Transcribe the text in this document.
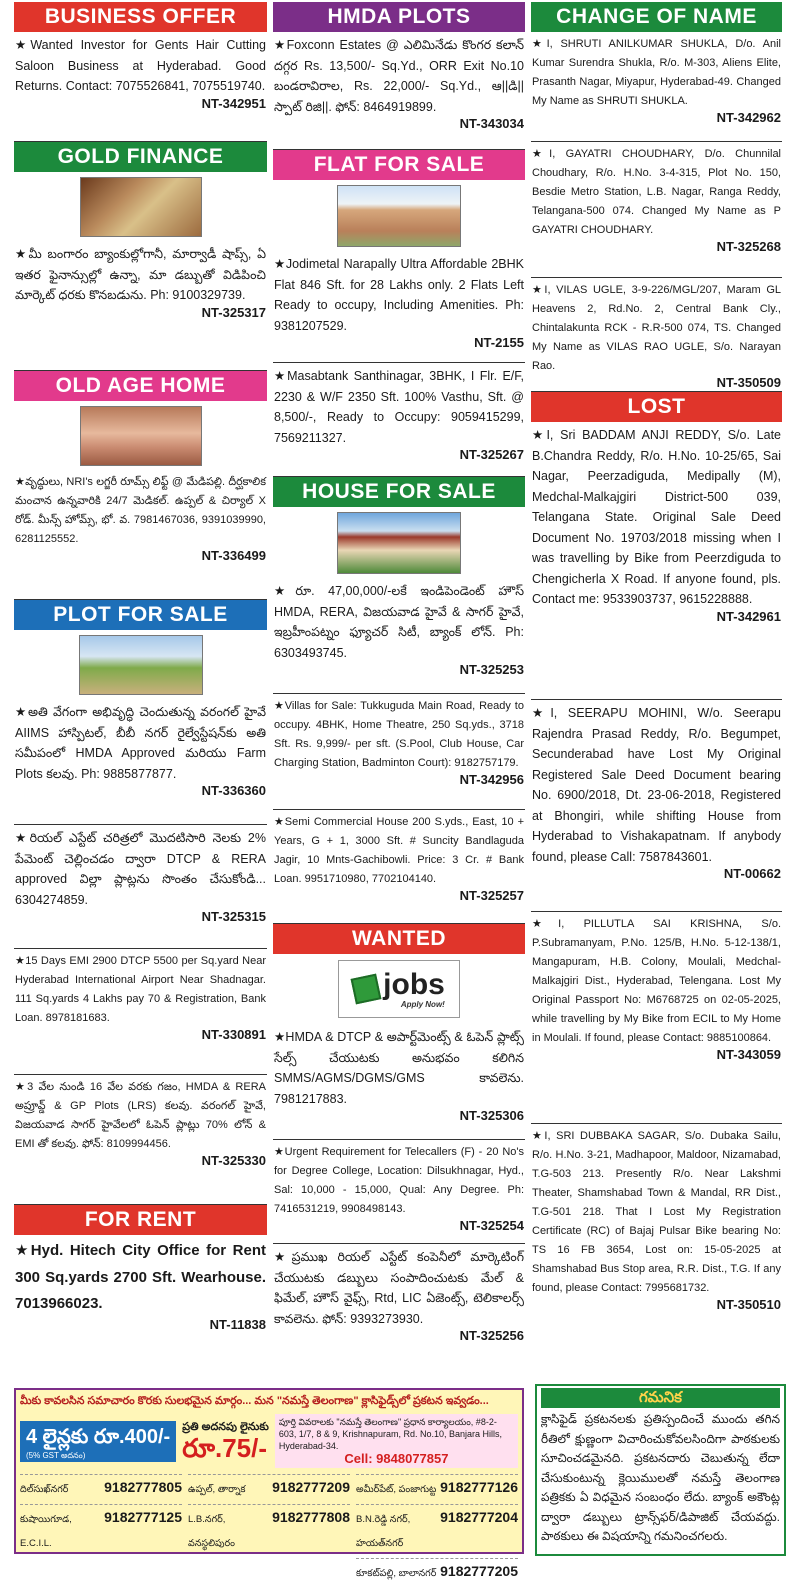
BUSINESS OFFER
★Wanted Investor for Gents Hair Cutting Saloon Business at Hyderabad. Good Returns. Contact: 7075526841, 7075519740.
NT-342951
GOLD FINANCE
★మీ బంగారం బ్యాంకుల్లోగానీ, మార్వాడీ షాప్స్, ఏ ఇతర ఫైనాన్సుల్లో ఉన్నా, మా డబ్బుతో విడిపించి మార్కెట్ ధరకు కొనబడును. Ph: 9100329739.
NT-325317
OLD AGE HOME
★వృద్ధులు, NRI's లగ్జరీ రూమ్స్ లిఫ్ట్ @ మేడిపల్లి. దీర్ఘకాలిక మంచాన ఉన్నవారికి 24/7 మెడికల్. ఉప్పల్ & చిర్యాల్ X రోడ్. మీన్స్ హోమ్స్, భో. వ. 7981467036, 9391039990, 6281125552.
NT-336499
PLOT FOR SALE
★అతి వేగంగా అభివృద్ధి చెందుతున్న వరంగల్ హైవే AIIMS హాస్పిటల్, బీబీ నగర్ రైల్వేస్టేషన్‌కు అతి సమీపంలో HMDA Approved మరియు Farm Plots కలవు. Ph: 9885877877.
NT-336360
★రియల్ ఎస్టేట్ చరిత్రలో మొదటిసారి నెలకు 2% పేమెంట్ చెల్లించడం ద్వారా DTCP & RERA approved విల్లా ప్లాట్లను సొంతం చేసుకోండి... 6304274859.
NT-325315
★15 Days EMI 2900 DTCP 5500 per Sq.yard Near Hyderabad International Airport Near Shadnagar. 111 Sq.yards 4 Lakhs pay 70 & Registration, Bank Loan. 8978181683.
NT-330891
★3 వేల నుండి 16 వేల వరకు గజం, HMDA & RERA అప్రూవ్డ్ & GP Plots (LRS) కలవు. వరంగల్ హైవే, విజయవాడ సాగర్ హైవేలలో ఓపెన్ ప్లాట్లు 70% లోన్ & EMI తో కలవు. ఫోన్: 8109994456.
NT-325330
FOR RENT
★Hyd. Hitech City Office for Rent 300 Sq.yards 2700 Sft. Wearhouse. 7013966023.
NT-11838
HMDA PLOTS
★Foxconn Estates @ ఎలిమినేడు కొంగర కలాన్ దగ్గర Rs. 13,500/- Sq.Yd., ORR Exit No.10 బండరావిరాల, Rs. 22,000/- Sq.Yd., ఆ||డి|| స్పాట్ రిజి||. ఫోన్: 8464919899.
NT-343034
FLAT FOR SALE
★Jodimetal Narapally Ultra Affordable 2BHK Flat 846 Sft. for 28 Lakhs only. 2 Flats Left Ready to occupy, Including Amenities. Ph: 9381207529.
NT-2155
★Masabtank Santhinagar, 3BHK, I Flr. E/F, 2230 & W/F 2350 Sft. 100% Vasthu, Sft. @ 8,500/-, Ready to Occupy: 9059415299, 7569211327.
NT-325267
HOUSE FOR SALE
★రూ. 47,00,000/-లకే ఇండిపెండెంట్ హౌస్ HMDA, RERA, విజయవాడ హైవే & సాగర్ హైవే, ఇబ్రహీంపట్నం ఫ్యూచర్ సిటీ, బ్యాంక్ లోన్. Ph: 6303493745.
NT-325253
★Villas for Sale: Tukkuguda Main Road, Ready to occupy. 4BHK, Home Theatre, 250 Sq.yds., 3718 Sft. Rs. 9,999/- per sft. (S.Pool, Club House, Car Charging Station, Badminton Court): 9182757179.
NT-342956
★Semi Commercial House 200 S.yds., East, 10 + Years, G + 1, 3000 Sft. # Suncity Bandlaguda Jagir, 10 Mnts-Gachibowli. Price: 3 Cr. # Bank Loan. 9951710980, 7702104140.
NT-325257
WANTED
jobs
Apply Now!
★HMDA & DTCP & అపార్ట్‌మెంట్స్ & ఓపెన్ ప్లాట్స్ సేల్స్ చేయుటకు అనుభవం కలిగిన SMMS/AGMS/DGMS/GMS కావలెను. 7981217883.
NT-325306
★Urgent Requirement for Telecallers (F) - 20 No's for Degree College, Location: Dilsukhnagar, Hyd., Sal: 10,000 - 15,000, Qual: Any Degree. Ph: 7416531219, 9908498143.
NT-325254
★ప్రముఖ రియల్ ఎస్టేట్ కంపెనీలో మార్కెటింగ్ చేయుటకు డబ్బులు సంపాదించుటకు మేల్ & ఫిమేల్, హౌస్ వైఫ్స్, Rtd, LIC ఏజెంట్స్, టెలికాలర్స్ కావలెను. ఫోన్: 9393273930.
NT-325256
CHANGE OF NAME
★I, SHRUTI ANILKUMAR SHUKLA, D/o. Anil Kumar Surendra Shukla, R/o. M-303, Aliens Elite, Prasanth Nagar, Miyapur, Hyderabad-49. Changed My Name as SHRUTI SHUKLA.
NT-342962
★I, GAYATRI CHOUDHARY, D/o. Chunnilal Choudhary, R/o. H.No. 3-4-315, Plot No. 150, Besdie Metro Station, L.B. Nagar, Ranga Reddy, Telangana-500 074. Changed My Name as P GAYATRI CHOUDHARY.
NT-325268
★I, VILAS UGLE, 3-9-226/MGL/207, Maram GL Heavens 2, Rd.No. 2, Central Bank Cly., Chintalakunta RCK - R.R-500 074, TS. Changed My Name as VILAS RAO UGLE, S/o. Narayan Rao.
NT-350509
LOST
★I, Sri BADDAM ANJI REDDY, S/o. Late B.Chandra Reddy, R/o. H.No. 10-25/65, Sai Nagar, Peerzadiguda, Medipally (M), Medchal-Malkajgiri District-500 039, Telangana State. Original Sale Deed Document No. 19703/2018 missing when I was travelling by Bike from Peerzdiguda to Chengicherla X Road. If anyone found, pls. Contact me: 9533903737, 9615228888.
NT-342961
★I, SEERAPU MOHINI, W/o. Seerapu Rajendra Prasad Reddy, R/o. Begumpet, Secunderabad have Lost My Original Registered Sale Deed Document bearing No. 6900/2018, Dt. 23-06-2018, Registered at Bhongiri, while shifting House from Hyderabad to Vishakapatnam. If anybody found, please Call: 7587843601.
NT-00662
★I, PILLUTLA SAI KRISHNA, S/o. P.Subramanyam, P.No. 125/B, H.No. 5-12-138/1, Mangapuram, H.B. Colony, Moulali, Medchal-Malkajgiri Dist., Hyderabad, Telengana. Lost My Original Passport No: M6768725 on 02-05-2025, while travelling by My Bike from ECIL to My Home in Moulali. If found, please Contact: 9885100864.
NT-343059
★I, SRI DUBBAKA SAGAR, S/o. Dubaka Sailu, R/o. H.No. 3-21, Madhapoor, Maldoor, Nizamabad, T.G-503 213. Presently R/o. Near Lakshmi Theater, Shamshabad Town & Mandal, RR Dist., T.G-501 218. That I Lost My Registration Certificate (RC) of Bajaj Pulsar Bike bearing No: TS 16 FB 3654, Lost on: 15-05-2025 at Shamshabad Bus Stop area, R.R. Dist., T.G. If any found, please Contact: 7995681732.
NT-350510
గమనిక
క్లాసిఫైడ్ ప్రకటనలకు ప్రతిస్పందించే ముందు తగిన రీతిలో క్షుణ్ణంగా విచారించుకోవలసిందిగా పాఠకులకు సూచించడమైనది. ప్రకటనదారు చెబుతున్న లేదా చేసుకుంటున్న క్లెయిములతో నమస్తే తెలంగాణ పత్రికకు ఏ విధమైన సంబంధం లేదు. బ్యాంక్ అకౌంట్ల ద్వారా డబ్బులు ట్రాన్స్‌ఫర్/డిపాజిట్ చేయవద్దు. పాఠకులు ఈ విషయాన్ని గమనించగలరు.
మీకు కావలసిన సమాచారం కొరకు సులభమైన మార్గం... మన "నమస్తే తెలంగాణ" క్లాసిఫైడ్స్‌లో ప్రకటన ఇవ్వడం...
4 లైన్లకు రూ.400/-
(5% GST అదనం)
ప్రతి అదనపు లైనుకు
రూ.75/-
పూర్తి వివరాలకు "నమస్తే తెలంగాణ" ప్రధాన కార్యాలయం, #8-2-603, 1/7, 8 & 9, Krishnapuram, Rd. No.10, Banjara Hills, Hyderabad-34.
Cell: 9848077857
దిల్‌సుఖ్‌నగర్	9182777805 ఉప్పల్, తార్నాక 9182777209 అమీర్‌పేట్, పంజాగుట్ట 9182777126
కుషాయిగూడ, E.C.I.L.
9182777125 L.B.నగర్, వనస్థలిపురం
9182777808 B.N.రెడ్డి నగర్, హయత్‌నగర్
9182777204
కూకట్‌పల్లి, బాలానగర్ 9182777205
